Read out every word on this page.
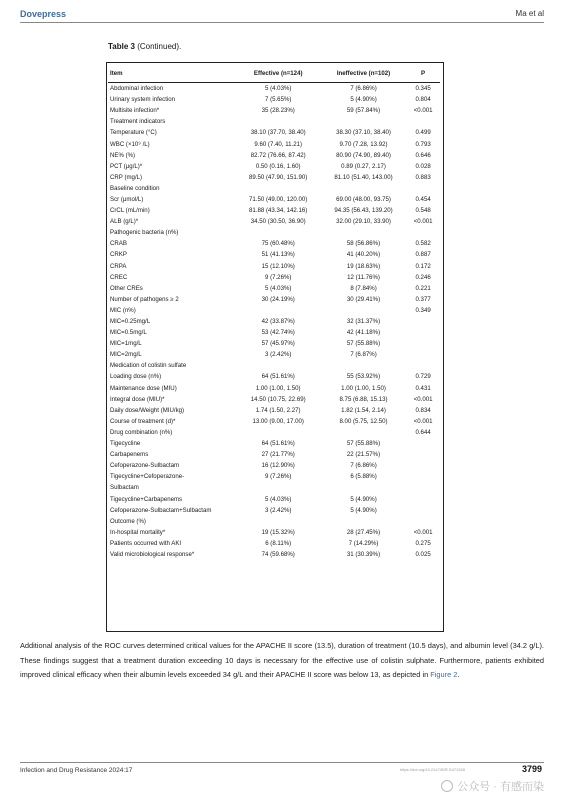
Dovepress	Ma et al
Table 3 (Continued).
Item	Effective (n=124)	Ineffective (n=102)	P
Abdominal infection	5 (4.03%)	7 (6.86%)	0.345
Urinary system infection	7 (5.65%)	5 (4.90%)	0.804
Multisite infection*	35 (28.23%)	59 (57.84%)	<0.001
Treatment indicators			
Temperature (°C)	38.10 (37.70, 38.40)	38.30 (37.10, 38.40)	0.499
WBC (×10⁹ /L)	9.60 (7.40, 11.21)	9.70 (7.28, 13.92)	0.793
NE% (%)	82.72 (76.66, 87.42)	80.90 (74.90, 89.40)	0.646
PCT (μg/L)*	0.50 (0.16, 1.60)	0.89 (0.27, 2.17)	0.028
CRP (mg/L)	89.50 (47.90, 151.90)	81.10 (51.40, 143.00)	0.883
Baseline condition			
Scr (μmol/L)	71.50 (49.00, 120.00)	69.00 (48.00, 93.75)	0.454
CrCL (mL/min)	81.88 (43.34, 142.16)	94.35 (56.43, 139.20)	0.548
ALB (g/L)*	34.50 (30.50, 36.90)	32.00 (29.10, 33.90)	<0.001
Pathogenic bacteria (n%)			
CRAB	75 (60.48%)	58 (56.86%)	0.582
CRKP	51 (41.13%)	41 (40.20%)	0.887
CRPA	15 (12.10%)	19 (18.63%)	0.172
CREC	9 (7.26%)	12 (11.76%)	0.246
Other CREs	5 (4.03%)	8 (7.84%)	0.221
Number of pathogens ≥ 2	30 (24.19%)	30 (29.41%)	0.377
MIC (n%)			0.349
MIC=0.25mg/L	42 (33.87%)	32 (31.37%)	
MIC=0.5mg/L	53 (42.74%)	42 (41.18%)	
MIC=1mg/L	57 (45.97%)	57 (55.88%)	
MIC=2mg/L	3 (2.42%)	7 (6.87%)	
Medication of colistin sulfate			
Loading dose (n%)	64 (51.61%)	55 (53.92%)	0.729
Maintenance dose (MIU)	1.00 (1.00, 1.50)	1.00 (1.00, 1.50)	0.431
Integral dose (MIU)*	14.50 (10.75, 22.69)	8.75 (6.88, 15.13)	<0.001
Daily dose/Weight (MIU/kg)	1.74 (1.50, 2.27)	1.82 (1.54, 2.14)	0.834
Course of treatment (d)*	13.00 (9.00, 17.00)	8.00 (5.75, 12.50)	<0.001
Drug combination (n%)			0.644
Tigecycline	64 (51.61%)	57 (55.88%)	
Carbapenems	27 (21.77%)	22 (21.57%)	
Cefoperazone-Sulbactam	16 (12.90%)	7 (6.86%)	
Tigecycline+Cefoperazone-	9 (7.26%)	6 (5.88%)	
Sulbactam			
Tigecycline+Carbapenems	5 (4.03%)	5 (4.90%)	
Cefoperazone-Sulbactam+Sulbactam	3 (2.42%)	5 (4.90%)	
Outcome (%)			
In-hospital mortality*	19 (15.32%)	28 (27.45%)	<0.001
Patients occurred with AKI	6 (8.11%)	7 (14.29%)	0.275
Valid microbiological response*	74 (59.68%)	31 (30.39%)	0.025
Additional analysis of the ROC curves determined critical values for the APACHE II score (13.5), duration of treatment (10.5 days), and albumin level (34.2 g/L). These findings suggest that a treatment duration exceeding 10 days is necessary for the effective use of colistin sulphate. Furthermore, patients exhibited improved clinical efficacy when their albumin levels exceeded 34 g/L and their APACHE II score was below 13, as depicted in Figure 2.
Infection and Drug Resistance 2024:17	https://doi.org/10.2147/IDR.S471328	3799
公众号 · 有感而染
